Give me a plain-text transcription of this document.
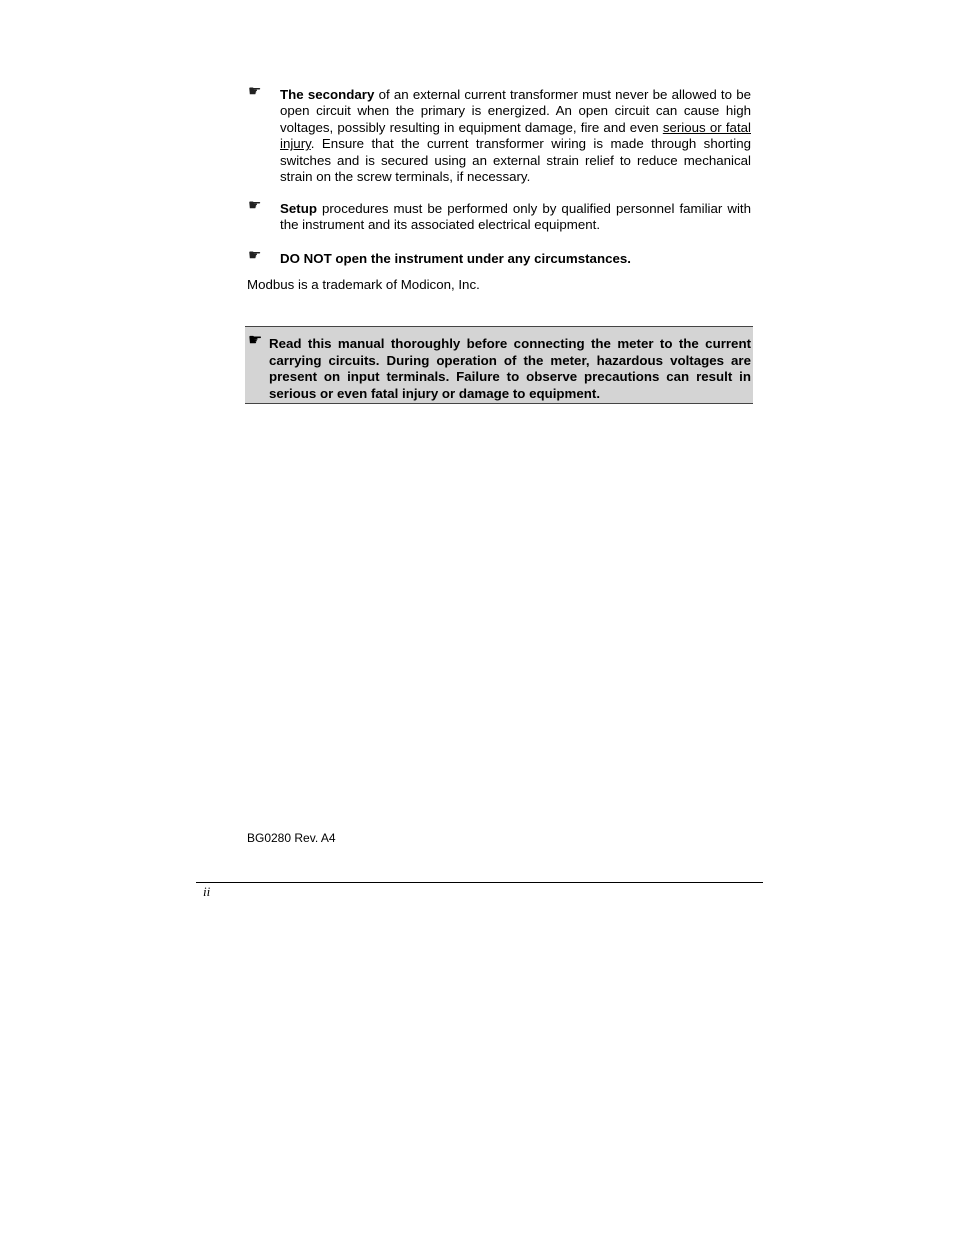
☛	The secondary of an external current transformer must never be allowed to be open circuit when the primary is energized. An open circuit can cause high voltages, possibly resulting in equipment damage, fire and even serious or fatal injury. Ensure that the current transformer wiring is made through shorting switches and is secured using an external strain relief to reduce mechanical strain on the screw terminals, if necessary.
☛	Setup procedures must be performed only by qualified personnel familiar with the instrument and its associated electrical equipment.
☛	DO NOT open the instrument under any circumstances.
Modbus is a trademark of Modicon, Inc.
☛ Read this manual thoroughly before connecting the meter to the current carrying circuits. During operation of the meter, hazardous voltages are present on input terminals. Failure to observe precautions can result in serious or even fatal injury or damage to equipment.
BG0280 Rev. A4
ii
